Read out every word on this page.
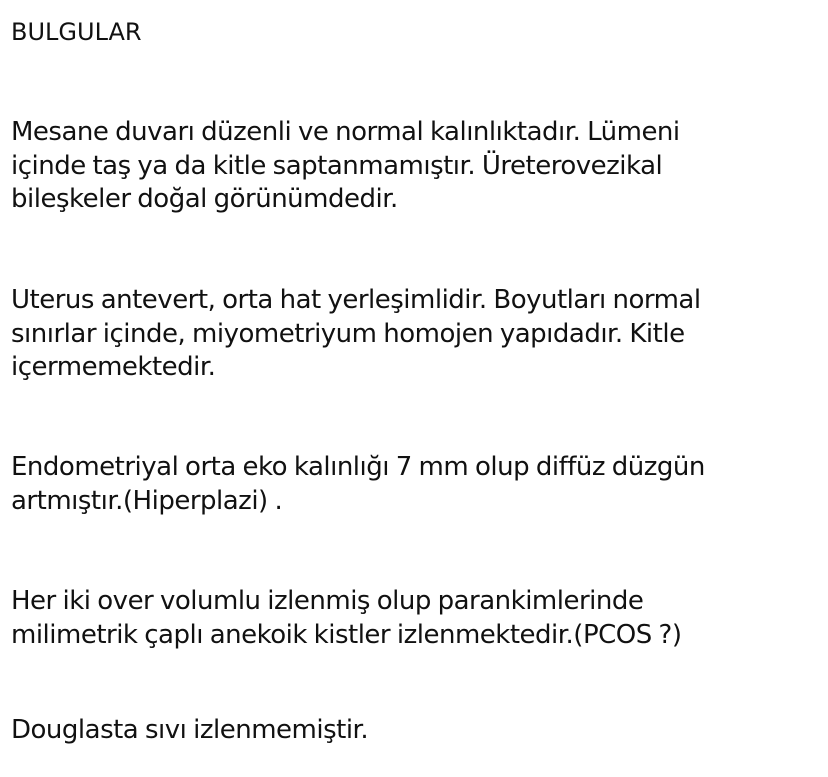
BULGULAR
Mesane duvarı düzenli ve normal kalınlıktadır. Lümeni
içinde taş ya da kitle saptanmamıştır. Üreterovezikal
bileşkeler doğal görünümdedir.
Uterus antevert, orta hat yerleşimlidir. Boyutları normal
sınırlar içinde, miyometriyum homojen yapıdadır. Kitle
içermemektedir.
Endometriyal orta eko kalınlığı 7 mm olup diffüz düzgün
artmıştır.(Hiperplazi) .
Her iki over volumlu izlenmiş olup parankimlerinde
milimetrik çaplı anekoik kistler izlenmektedir.(PCOS ?)
Douglasta sıvı izlenmemiştir.
